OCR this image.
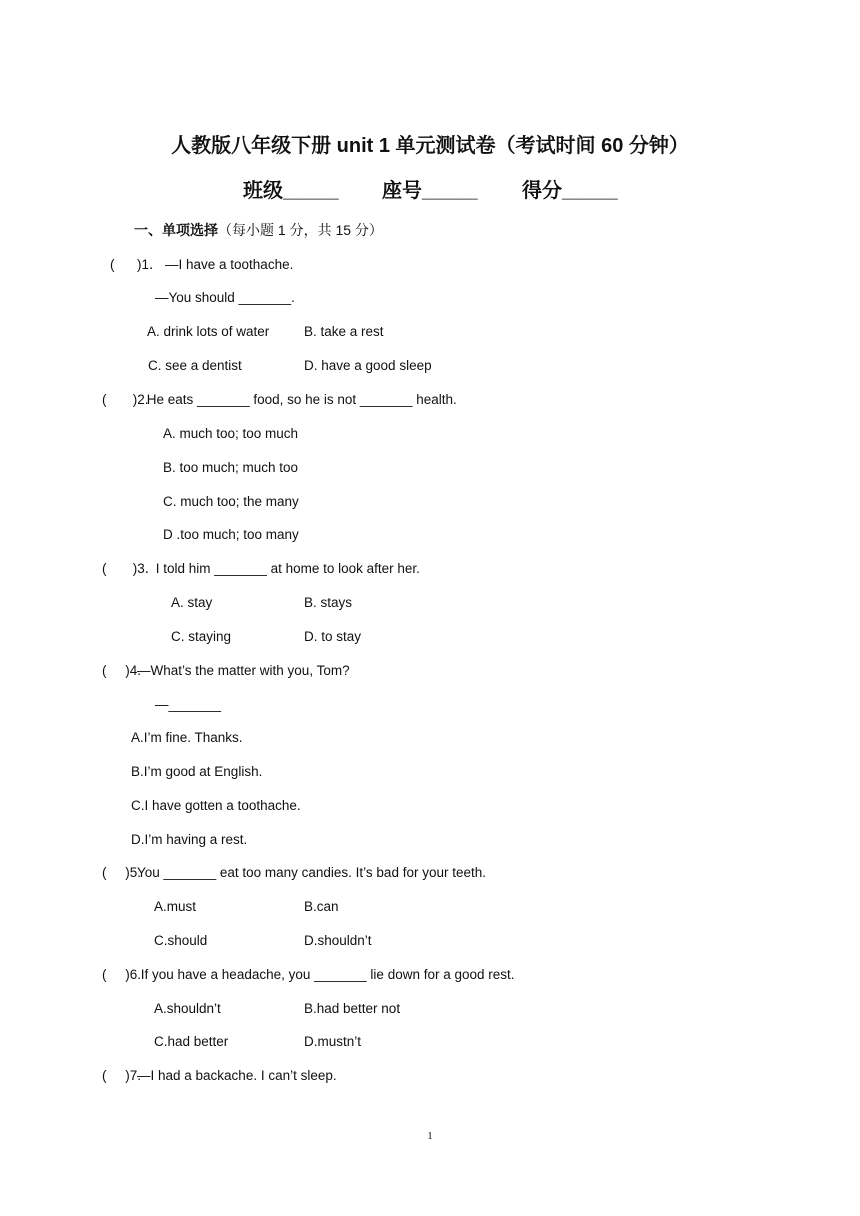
人教版八年级下册 unit 1 单元测试卷（考试时间 60 分钟）
班级_____ 座号_____ 得分_____
一、单项选择（每小题 1 分，共 15 分）
(      )1． —I have a toothache.
—You should _______.
A. drink lots of water	B. take a rest
C. see a dentist	D. have a good sleep
(       )2.
He eats _______ food, so he is not _______ health.
A. much too; too much
B. too much; much too
C. much too; the many
D .too much; too many
(       )3．
I told him _______ at home to look after her.
A. stay	B. stays
C. staying	D. to stay
(     )4.
—What’s the matter with you, Tom?
—_______
A.I’m fine. Thanks.
B.I’m good at English.
C.I have gotten a toothache.
D.I’m having a rest.
(     )5.
You _______ eat too many candies. It’s bad for your teeth.
A.must	B.can
C.should	D.shouldn’t
(     )6.
If you have a headache, you _______ lie down for a good rest.
A.shouldn’t	B.had better not
C.had better	D.mustn’t
(     )7.
—I had a backache. I can’t sleep.
1
